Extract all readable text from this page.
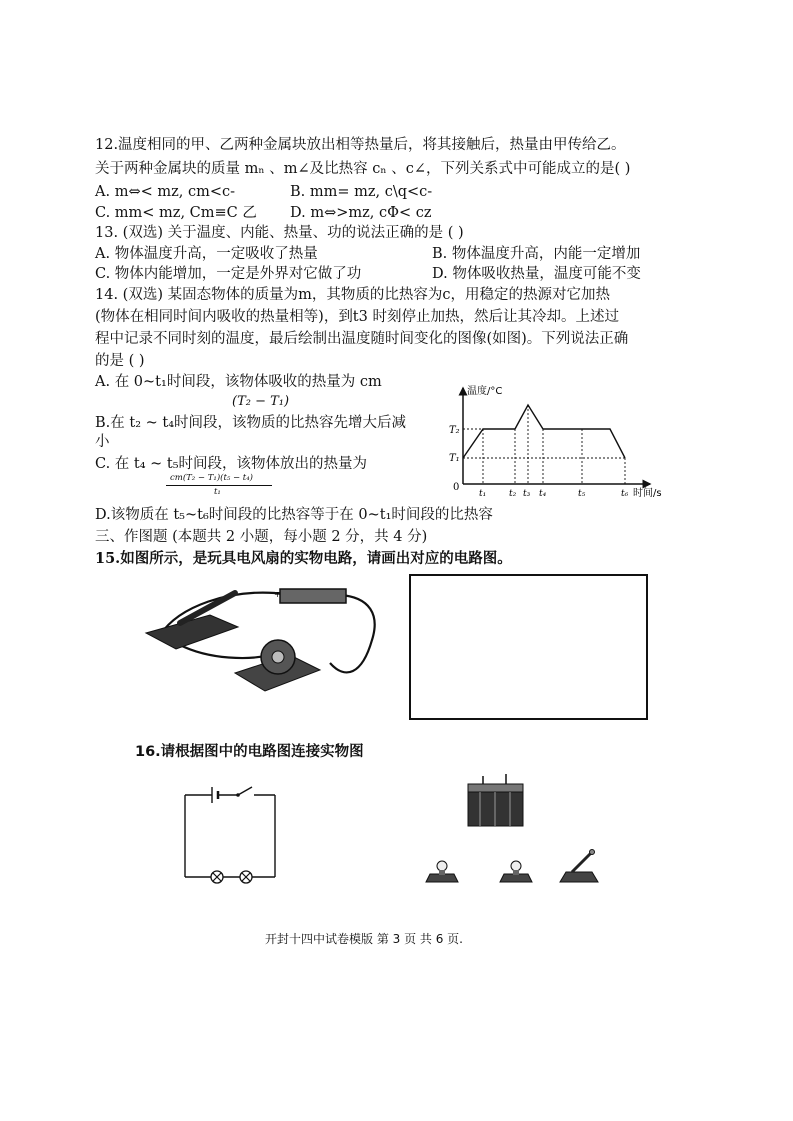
12.温度相同的甲、乙两种金属块放出相等热量后，将其接触后，热量由甲传给乙。
关于两种金属块的质量 mₙ 、m∠及比热容 cₙ 、c∠，下列关系式中可能成立的是( )
A. m⇔< mz, cm<c-	B. mm= mz, c\q<c-
C. mm< mz, Cm≡C 乙 D. m⇔>mz, cΦ< cz
13. (双选) 关于温度、内能、热量、功的说法正确的是 ( )
A. 物体温度升高，一定吸收了热量	B. 物体温度升高，内能一定增加
C. 物体内能增加，一定是外界对它做了功	D. 物体吸收热量，温度可能不变
14. (双选) 某固态物体的质量为m，其物质的比热容为c，用稳定的热源对它加热
(物体在相同时间内吸收的热量相等)，到t3 时刻停止加热，然后让其冷却。上述过
程中记录不同时刻的温度，最后绘制出温度随时间变化的图像(如图)。下列说法正确
的是 ( )
A. 在 0~t₁时间段，该物体吸收的热量为 cm
(T₂ − T₁)
B.在 t₂ ~ t₄时间段，该物质的比热容先增大后减
小
C. 在 t₄ ~ t₅时间段，该物体放出的热量为
cm(T₂ − T₁)(t₅ − t₄)
t₁
D.该物质在 t₅~t₆时间段的比热容等于在 0~t₁时间段的比热容
温度/°C
时间/s
0
T₂
T₁
t₁	t₂ t₃ t₄	t₅	t₆
三、作图题 (本题共 2 小题，每小题 2 分，共 4 分)
15.如图所示，是玩具电风扇的实物电路，请画出对应的电路图。
+
16.请根据图中的电路图连接实物图
开封十四中试卷模版 第 3 页 共 6 页.
